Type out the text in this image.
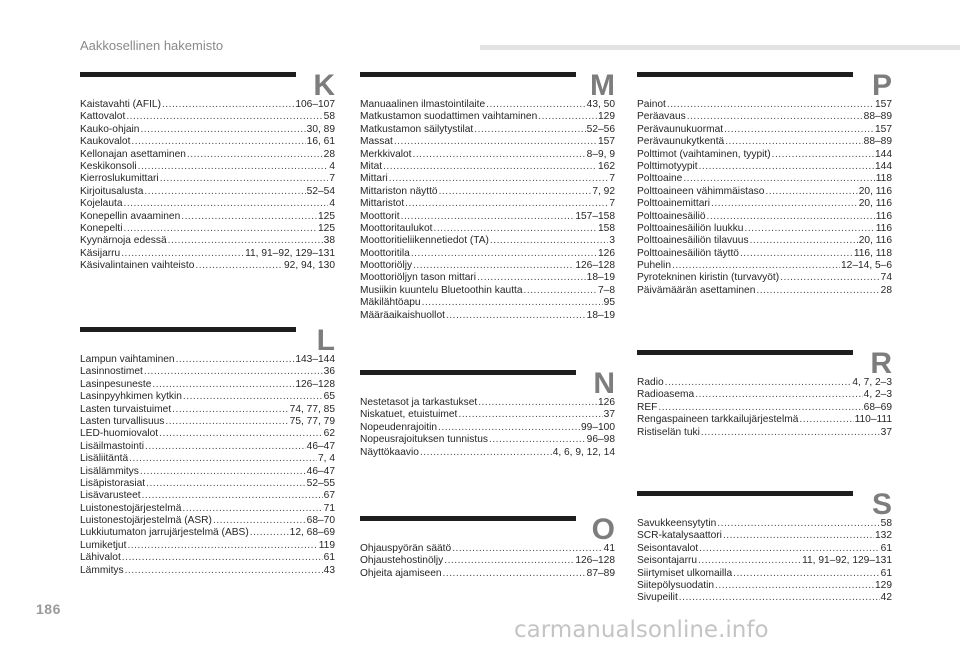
Aakkosellinen hakemisto
K
Kaistavahti (AFIL) .....	106–107
Kattovalot .....	58
Kauko-ohjain .....	30, 89
Kaukovalot .....	16, 61
Kellonajan asettaminen .....	28
Keskikonsoli .....	4
Kierroslukumittari .....	7
Kirjoitusalusta .....	52–54
Kojelauta .....	4
Konepellin avaaminen .....	125
Konepelti .....	125
Kyynärnoja edessä .....	38
Käsijarru .....	11, 91–92, 129–131
Käsivalintainen vaihteisto .....	92, 94, 130
L
Lampun vaihtaminen .....	143–144
Lasinnostimet .....	36
Lasinpesuneste .....	126–128
Lasinpyyhkimen kytkin .....	65
Lasten turvaistuimet .....	74, 77, 85
Lasten turvallisuus .....	75, 77, 79
LED-huomiovalot .....	62
Lisäilmastointi .....	46–47
Lisäliitäntä .....	7, 4
Lisälämmitys .....	46–47
Lisäpistorasiat .....	52–55
Lisävarusteet .....	67
Luistonestojärjestelmä .....	71
Luistonestojärjestelmä (ASR) .....	68–70
Lukkiutumaton jarrujärjestelmä (ABS) .....	12, 68–69
Lumiketjut .....	119
Lähivalot .....	61
Lämmitys .....	43
M
Manuaalinen ilmastointilaite .....	43, 50
Matkustamon suodattimen vaihtaminen .....	129
Matkustamon säilytystilat .....	52–56
Massat .....	157
Merkkivalot .....	8–9, 9
Mitat .....	162
Mittari .....	7
Mittariston näyttö .....	7, 92
Mittaristot .....	7
Moottorit .....	157–158
Moottoritaulukot .....	158
Moottoritieliikennetiedot (TA) .....	3
Moottoritila .....	126
Moottoriöljy .....	126–128
Moottoriöljyn tason mittari .....	18–19
Musiikin kuuntelu Bluetoothin kautta .....	7–8
Mäkilähtöapu .....	95
Määräaikaishuollot .....	18–19
N
Nestetasot ja tarkastukset .....	126
Niskatuet, etuistuimet .....	37
Nopeudenrajoitin .....	99–100
Nopeusrajoituksen tunnistus .....	96–98
Näyttökaavio .....	4, 6, 9, 12, 14
O
Ohjauspyörän säätö .....	41
Ohjaustehostinöljy .....	126–128
Ohjeita ajamiseen .....	87–89
P
Painot .....	157
Peräavaus .....	88–89
Perävaunukuormat .....	157
Perävaunukytkentä .....	88–89
Polttimot (vaihtaminen, tyypit) .....	144
Polttimotyypit .....	144
Polttoaine .....	118
Polttoaineen vähimmäistaso .....	20, 116
Polttoainemittari .....	20, 116
Polttoainesäiliö .....	116
Polttoainesäiliön luukku .....	116
Polttoainesäiliön tilavuus .....	20, 116
Polttoainesäiliön täyttö .....	116, 118
Puhelin .....	12–14, 5–6
Pyrotekninen kiristin (turvavyöt) .....	74
Päivämäärän asettaminen .....	28
R
Radio .....	4, 7, 2–3
Radioasema .....	4, 2–3
REF .....	68–69
Rengaspaineen tarkkailujärjestelmä .....	110–111
Ristiselän tuki .....	37
S
Savukkeensytytin .....	58
SCR-katalysaattori .....	132
Seisontavalot .....	61
Seisontajarru .....	11, 91–92, 129–131
Siirtymiset ulkomailla .....	61
Siitepölysuodatin .....	129
Sivupeilit .....	42
186
carmanualsonline.info
